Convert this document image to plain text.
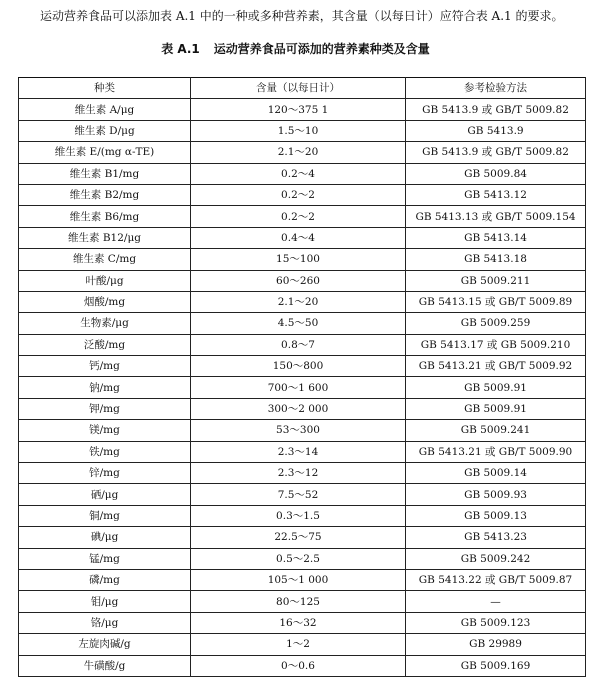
运动营养食品可以添加表 A.1 中的一种或多种营养素，其含量（以每日计）应符合表 A.1 的要求。
表 A.1 运动营养食品可添加的营养素种类及含量
种类	含量（以每日计）	参考检验方法
维生素 A/μg	120～375 1	GB 5413.9 或 GB/T 5009.82
维生素 D/μg	1.5～10	GB 5413.9
维生素 E/(mg α-TE)	2.1～20	GB 5413.9 或 GB/T 5009.82
维生素 B1/mg	0.2～4	GB 5009.84
维生素 B2/mg	0.2～2	GB 5413.12
维生素 B6/mg	0.2～2	GB 5413.13 或 GB/T 5009.154
维生素 B12/μg	0.4～4	GB 5413.14
维生素 C/mg	15～100	GB 5413.18
叶酸/μg	60～260	GB 5009.211
烟酸/mg	2.1～20	GB 5413.15 或 GB/T 5009.89
生物素/μg	4.5～50	GB 5009.259
泛酸/mg	0.8～7	GB 5413.17 或 GB 5009.210
钙/mg	150～800	GB 5413.21 或 GB/T 5009.92
钠/mg	700～1 600	GB 5009.91
钾/mg	300～2 000	GB 5009.91
镁/mg	53～300	GB 5009.241
铁/mg	2.3～14	GB 5413.21 或 GB/T 5009.90
锌/mg	2.3～12	GB 5009.14
硒/μg	7.5～52	GB 5009.93
铜/mg	0.3～1.5	GB 5009.13
碘/μg	22.5～75	GB 5413.23
锰/mg	0.5～2.5	GB 5009.242
磷/mg	105～1 000	GB 5413.22 或 GB/T 5009.87
钼/μg	80～125	—
铬/μg	16～32	GB 5009.123
左旋肉碱/g	1～2	GB 29989
牛磺酸/g	0～0.6	GB 5009.169
